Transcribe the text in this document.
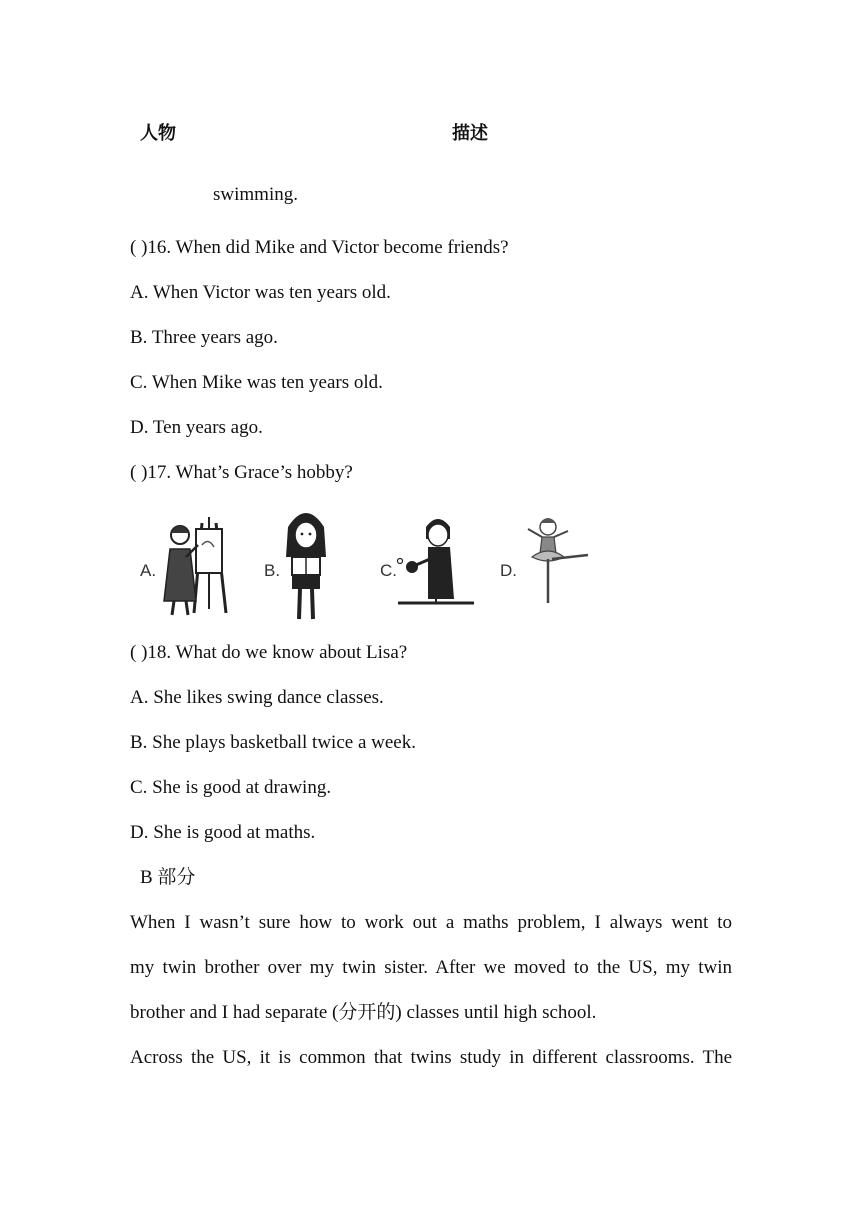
人物	描述
swimming.
( )16. When did Mike and Victor become friends?
A. When Victor was ten years old.
B. Three years ago.
C. When Mike was ten years old.
D. Ten years ago.
( )17. What’s Grace’s hobby?
A.	B.	C.	D.
( )18. What do we know about Lisa?
A. She likes swing dance classes.
B. She plays basketball twice a week.
C. She is good at drawing.
D. She is good at maths.
B 部分
When I wasn’t sure how to work out a maths problem, I always went to
my twin brother over my twin sister. After we moved to the US, my twin
brother and I had separate (分开的) classes until high school.
Across the US, it is common that twins study in different classrooms. The
